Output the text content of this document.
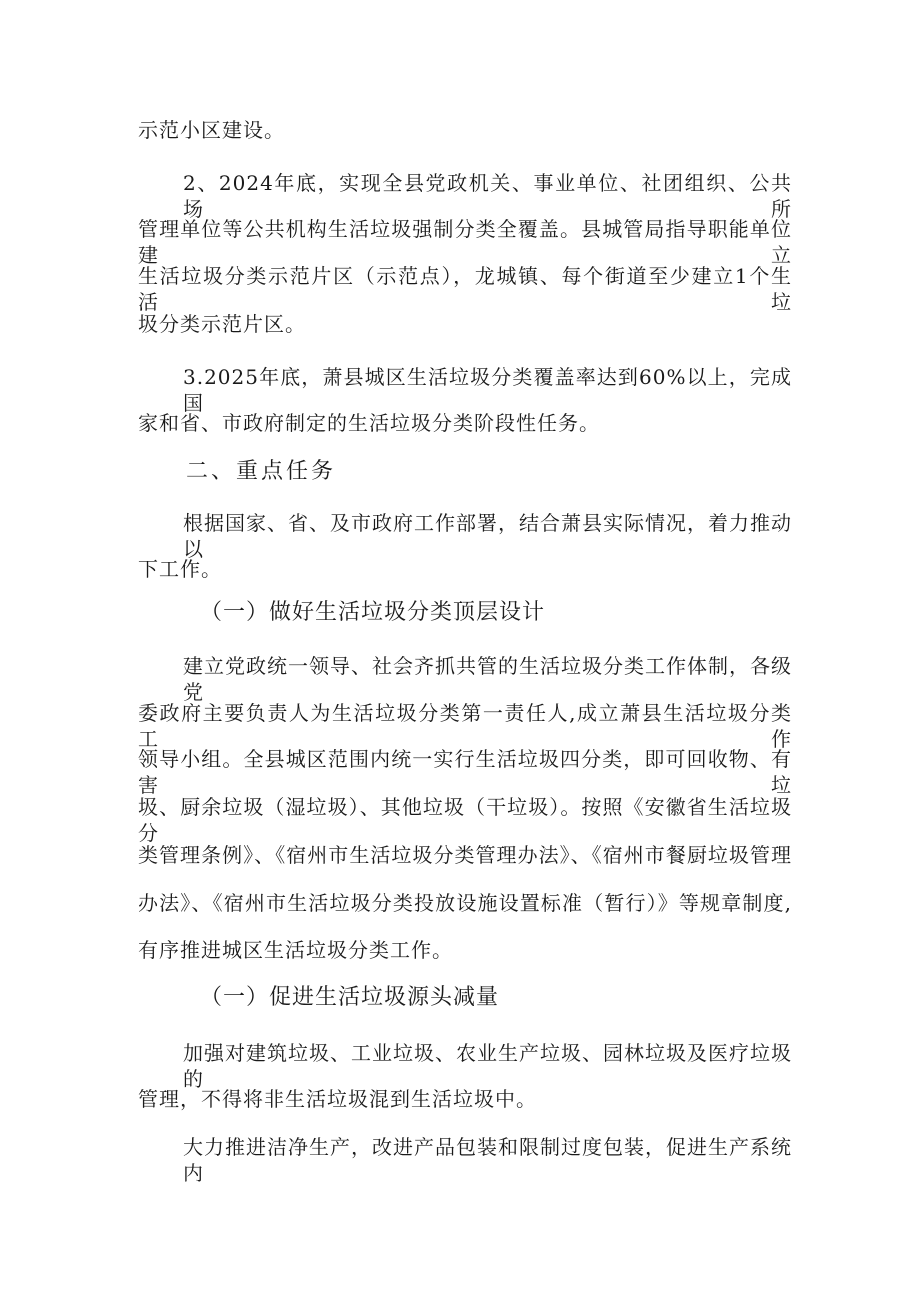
示范小区建设。
2、2024年底，实现全县党政机关、事业单位、社团组织、公共场所
管理单位等公共机构生活垃圾强制分类全覆盖。县城管局指导职能单位建立
生活垃圾分类示范片区（示范点），龙城镇、每个街道至少建立1个生活垃
圾分类示范片区。
3.2025年底，萧县城区生活垃圾分类覆盖率达到60%以上，完成国
家和省、市政府制定的生活垃圾分类阶段性任务。
二、重点任务
根据国家、省、及市政府工作部署，结合萧县实际情况，着力推动以
下工作。
（一）做好生活垃圾分类顶层设计
建立党政统一领导、社会齐抓共管的生活垃圾分类工作体制，各级党
委政府主要负责人为生活垃圾分类第一责任人,成立萧县生活垃圾分类工作
领导小组。全县城区范围内统一实行生活垃圾四分类，即可回收物、有害垃
圾、厨余垃圾（湿垃圾）、其他垃圾（干垃圾）。按照《安徽省生活垃圾分
类管理条例》、《宿州市生活垃圾分类管理办法》、《宿州市餐厨垃圾管理
办法》、《宿州市生活垃圾分类投放设施设置标准（暂行）》等规章制度,
有序推进城区生活垃圾分类工作。
（一）促进生活垃圾源头减量
加强对建筑垃圾、工业垃圾、农业生产垃圾、园林垃圾及医疗垃圾的
管理，不得将非生活垃圾混到生活垃圾中。
大力推进洁净生产，改进产品包装和限制过度包装，促进生产系统内
